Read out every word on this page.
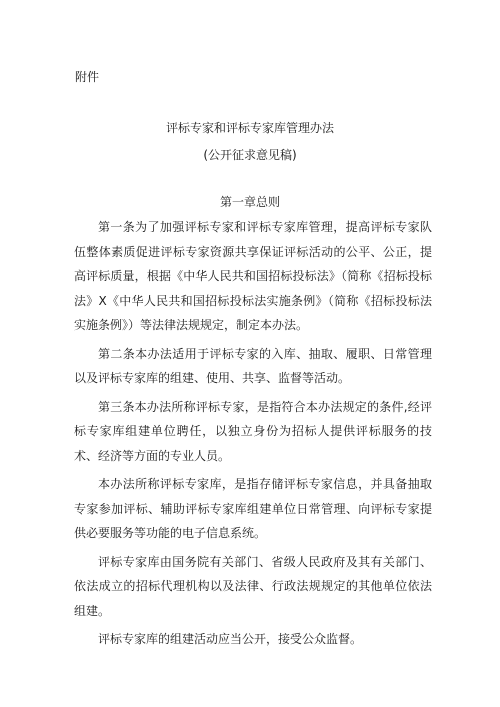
附件
评标专家和评标专家库管理办法
(公开征求意见稿)
第一章总则

第一条为了加强评标专家和评标专家库管理，提高评标专家队伍整体素质促进评标专家资源共享保证评标活动的公平、公正，提高评标质量，根据《中华人民共和国招标投标法》（简称《招标投标法》X《中华人民共和国招标投标法实施条例》（简称《招标投标法实施条例》）等法律法规规定，制定本办法。

第二条本办法适用于评标专家的入库、抽取、履职、日常管理以及评标专家库的组建、使用、共享、监督等活动。

第三条本办法所称评标专家，是指符合本办法规定的条件,经评标专家库组建单位聘任，以独立身份为招标人提供评标服务的技术、经济等方面的专业人员。

本办法所称评标专家库，是指存储评标专家信息，并具备抽取专家参加评标、辅助评标专家库组建单位日常管理、向评标专家提供必要服务等功能的电子信息系统。

评标专家库由国务院有关部门、省级人民政府及其有关部门、依法成立的招标代理机构以及法律、行政法规规定的其他单位依法组建。

评标专家库的组建活动应当公开，接受公众监督。
